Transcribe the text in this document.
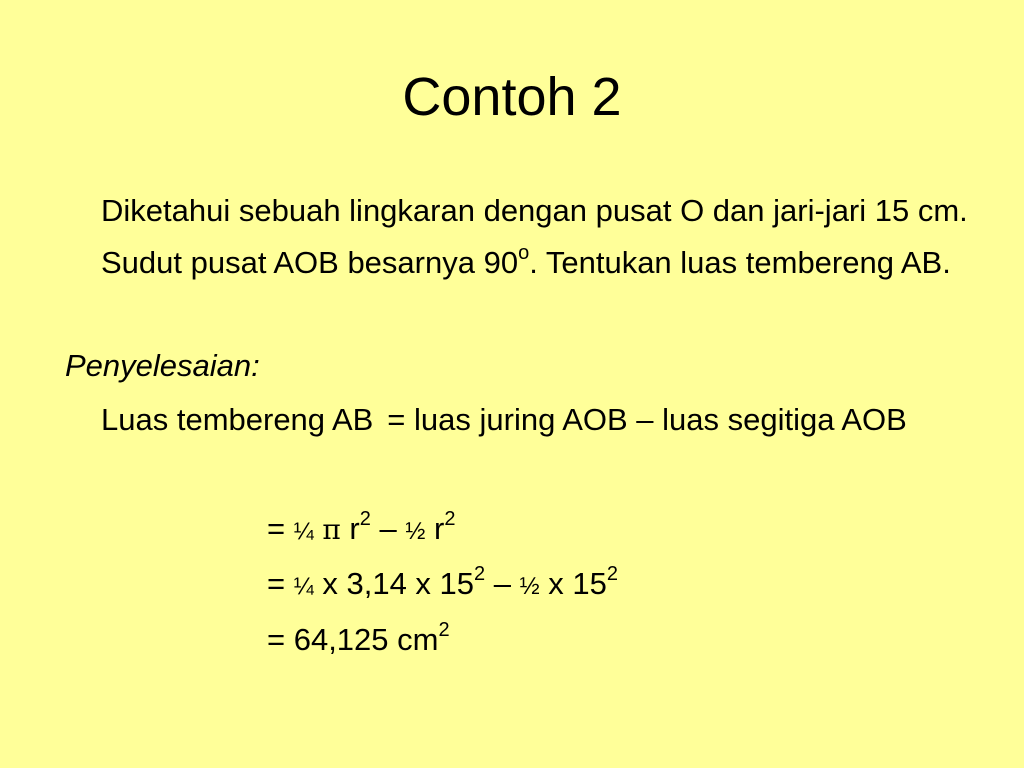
Contoh 2

Diketahui sebuah lingkaran dengan pusat O dan jari-jari 15 cm. Sudut pusat AOB besarnya 90$^o$. Tentukan luas tembereng AB.

Penyelesaian:

Luas tembereng AB = luas juring AOB – luas segitiga AOB

= ¼ π $r^2$ – ½ $r^2$
= ¼ x 3,14 x $15^2$ – ½ x $15^2$
= 64,125 $cm^2$
